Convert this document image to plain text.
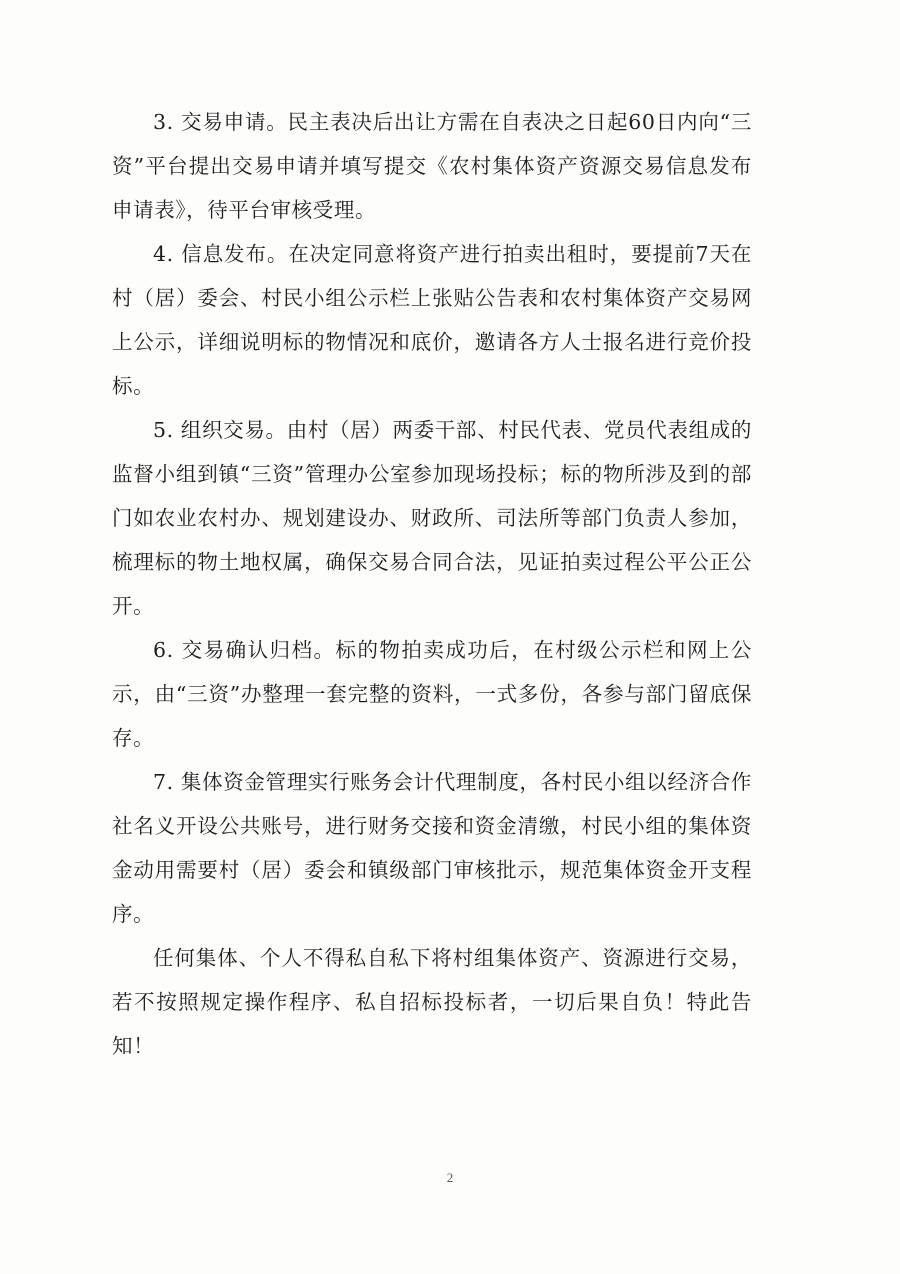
3. 交易申请。民主表决后出让方需在自表决之日起60日内向“三资”平台提出交易申请并填写提交《农村集体资产资源交易信息发布申请表》，待平台审核受理。

4. 信息发布。在决定同意将资产进行拍卖出租时，要提前7天在村（居）委会、村民小组公示栏上张贴公告表和农村集体资产交易网上公示，详细说明标的物情况和底价，邀请各方人士报名进行竞价投标。

5. 组织交易。由村（居）两委干部、村民代表、党员代表组成的监督小组到镇“三资”管理办公室参加现场投标；标的物所涉及到的部门如农业农村办、规划建设办、财政所、司法所等部门负责人参加，梳理标的物土地权属，确保交易合同合法，见证拍卖过程公平公正公开。

6. 交易确认归档。标的物拍卖成功后，在村级公示栏和网上公示，由“三资”办整理一套完整的资料，一式多份，各参与部门留底保存。

7. 集体资金管理实行账务会计代理制度，各村民小组以经济合作社名义开设公共账号，进行财务交接和资金清缴，村民小组的集体资金动用需要村（居）委会和镇级部门审核批示，规范集体资金开支程序。

任何集体、个人不得私自私下将村组集体资产、资源进行交易，若不按照规定操作程序、私自招标投标者，一切后果自负！特此告知！

2
